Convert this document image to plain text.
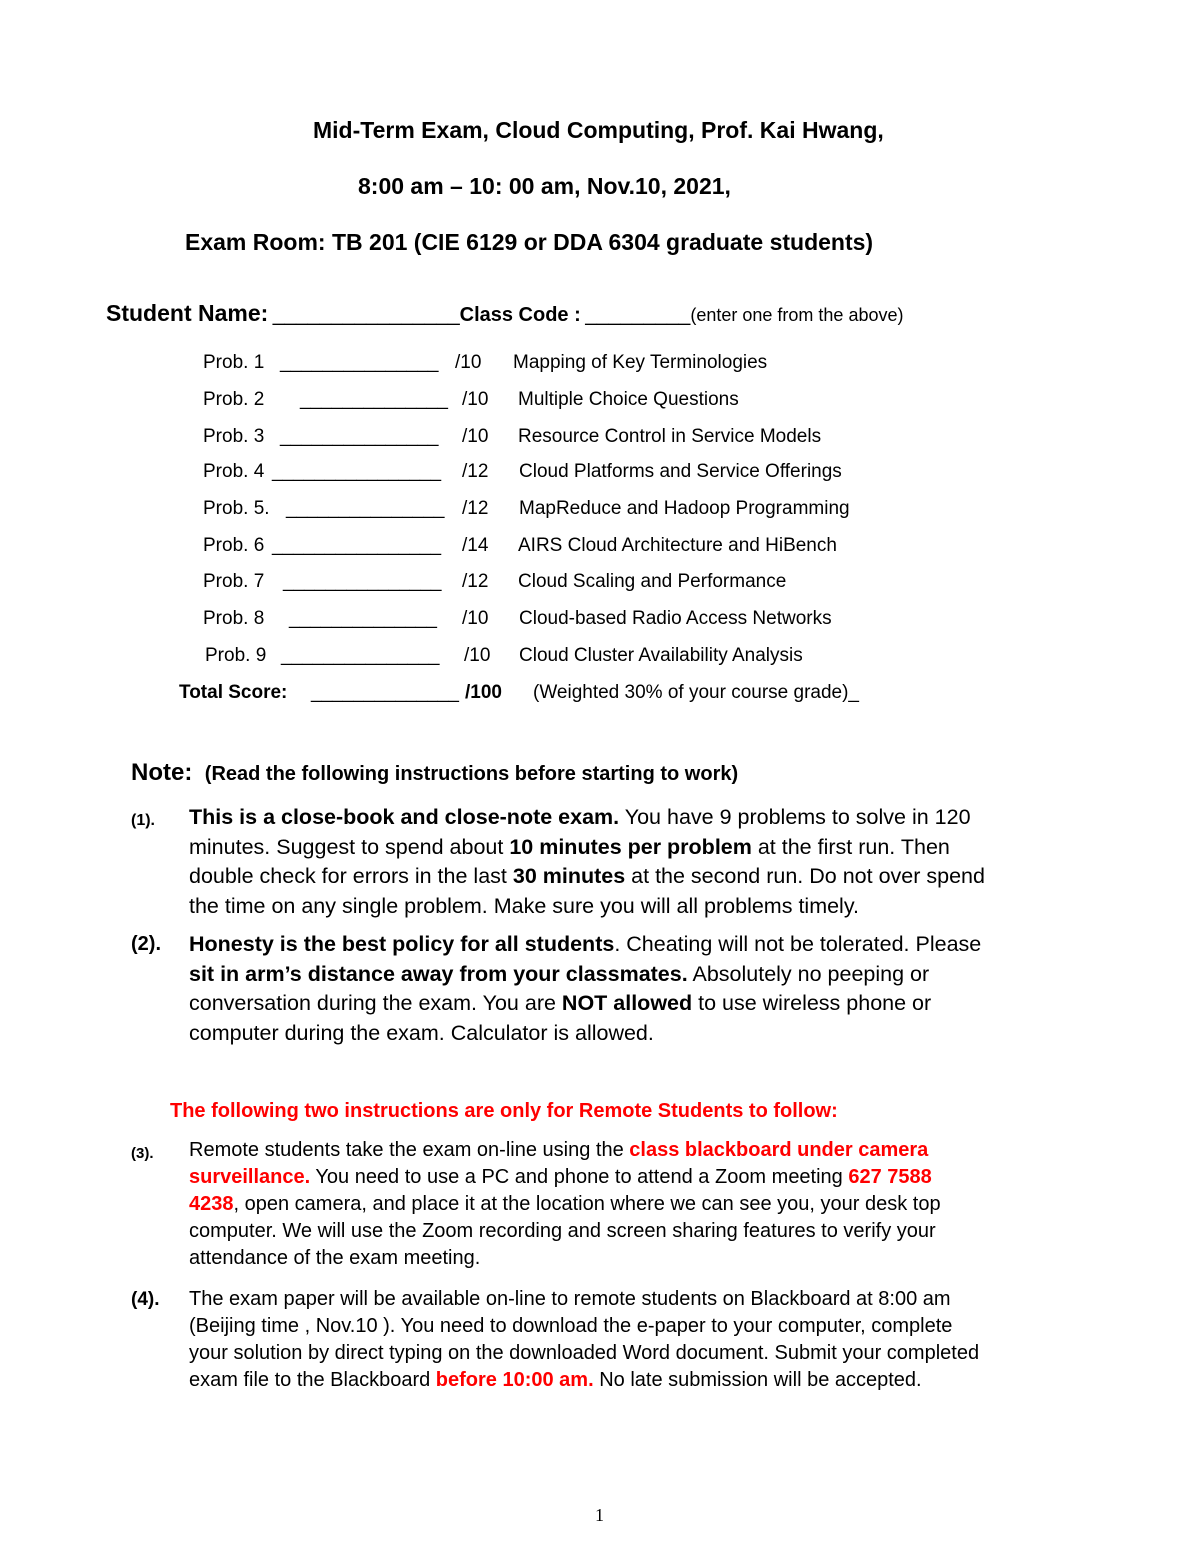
Mid-Term Exam, Cloud Computing, Prof. Kai Hwang,
8:00 am – 10: 00 am, Nov.10, 2021,
Exam Room: TB 201 (CIE 6129 or DDA 6304 graduate students)
Student Name: ________________Class Code : _________(enter one from the above)
Prob. 1 _______________ /10 Mapping of Key Terminologies
Prob. 2 ______________ /10 Multiple Choice Questions
Prob. 3 _______________ /10 Resource Control in Service Models
Prob. 4 ________________ /12 Cloud Platforms and Service Offerings
Prob. 5. _______________ /12 MapReduce and Hadoop Programming
Prob. 6 ________________ /14 AIRS Cloud Architecture and HiBench
Prob. 7 _______________ /12 Cloud Scaling and Performance
Prob. 8 ______________ /10 Cloud-based Radio Access Networks
Prob. 9 _______________ /10 Cloud Cluster Availability Analysis
Total Score: ______________ /100 (Weighted 30% of your course grade)_
Note: (Read the following instructions before starting to work)
(1). This is a close-book and close-note exam. You have 9 problems to solve in 120
minutes. Suggest to spend about 10 minutes per problem at the first run. Then
double check for errors in the last 30 minutes at the second run. Do not over spend
the time on any single problem. Make sure you will all problems timely.
(2). Honesty is the best policy for all students. Cheating will not be tolerated. Please
sit in arm’s distance away from your classmates. Absolutely no peeping or
conversation during the exam. You are NOT allowed to use wireless phone or
computer during the exam. Calculator is allowed.
The following two instructions are only for Remote Students to follow:
(3). Remote students take the exam on-line using the class blackboard under camera
surveillance. You need to use a PC and phone to attend a Zoom meeting 627 7588
4238, open camera, and place it at the location where we can see you, your desk top
computer. We will use the Zoom recording and screen sharing features to verify your
attendance of the exam meeting.
(4). The exam paper will be available on-line to remote students on Blackboard at 8:00 am
(Beijing time , Nov.10 ). You need to download the e-paper to your computer, complete
your solution by direct typing on the downloaded Word document. Submit your completed
exam file to the Blackboard before 10:00 am. No late submission will be accepted.
1
